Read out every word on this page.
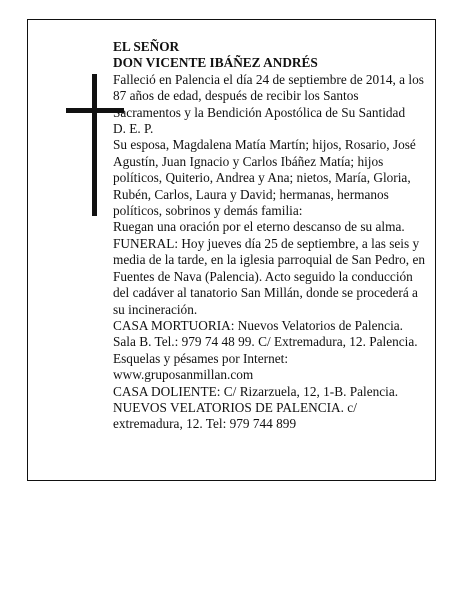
EL SEÑOR

DON VICENTE IBÁÑEZ ANDRÉS

Falleció en Palencia el día 24 de septiembre de 2014, a los 87 años de edad, después de recibir los Santos Sacramentos y la Bendición Apostólica de Su Santidad

D. E. P.

Su esposa, Magdalena Matía Martín; hijos, Rosario, José Agustín, Juan Ignacio y Carlos Ibáñez Matía; hijos políticos, Quiterio, Andrea y Ana; nietos, María, Gloria, Rubén, Carlos, Laura y David; hermanas, hermanos políticos, sobrinos y demás familia:

Ruegan una oración por el eterno descanso de su alma.

FUNERAL: Hoy jueves día 25 de septiembre, a las seis y media de la tarde, en la iglesia parroquial de San Pedro, en Fuentes de Nava (Palencia). Acto seguido la conducción del cadáver al tanatorio San Millán, donde se procederá a su incineración.

CASA MORTUORIA: Nuevos Velatorios de Palencia. Sala B. Tel.: 979 74 48 99. C/ Extremadura, 12. Palencia.

Esquelas y pésames por Internet:

www.gruposanmillan.com

CASA DOLIENTE: C/ Rizarzuela, 12, 1-B. Palencia.

NUEVOS VELATORIOS DE PALENCIA. c/ extremadura, 12. Tel: 979 744 899
